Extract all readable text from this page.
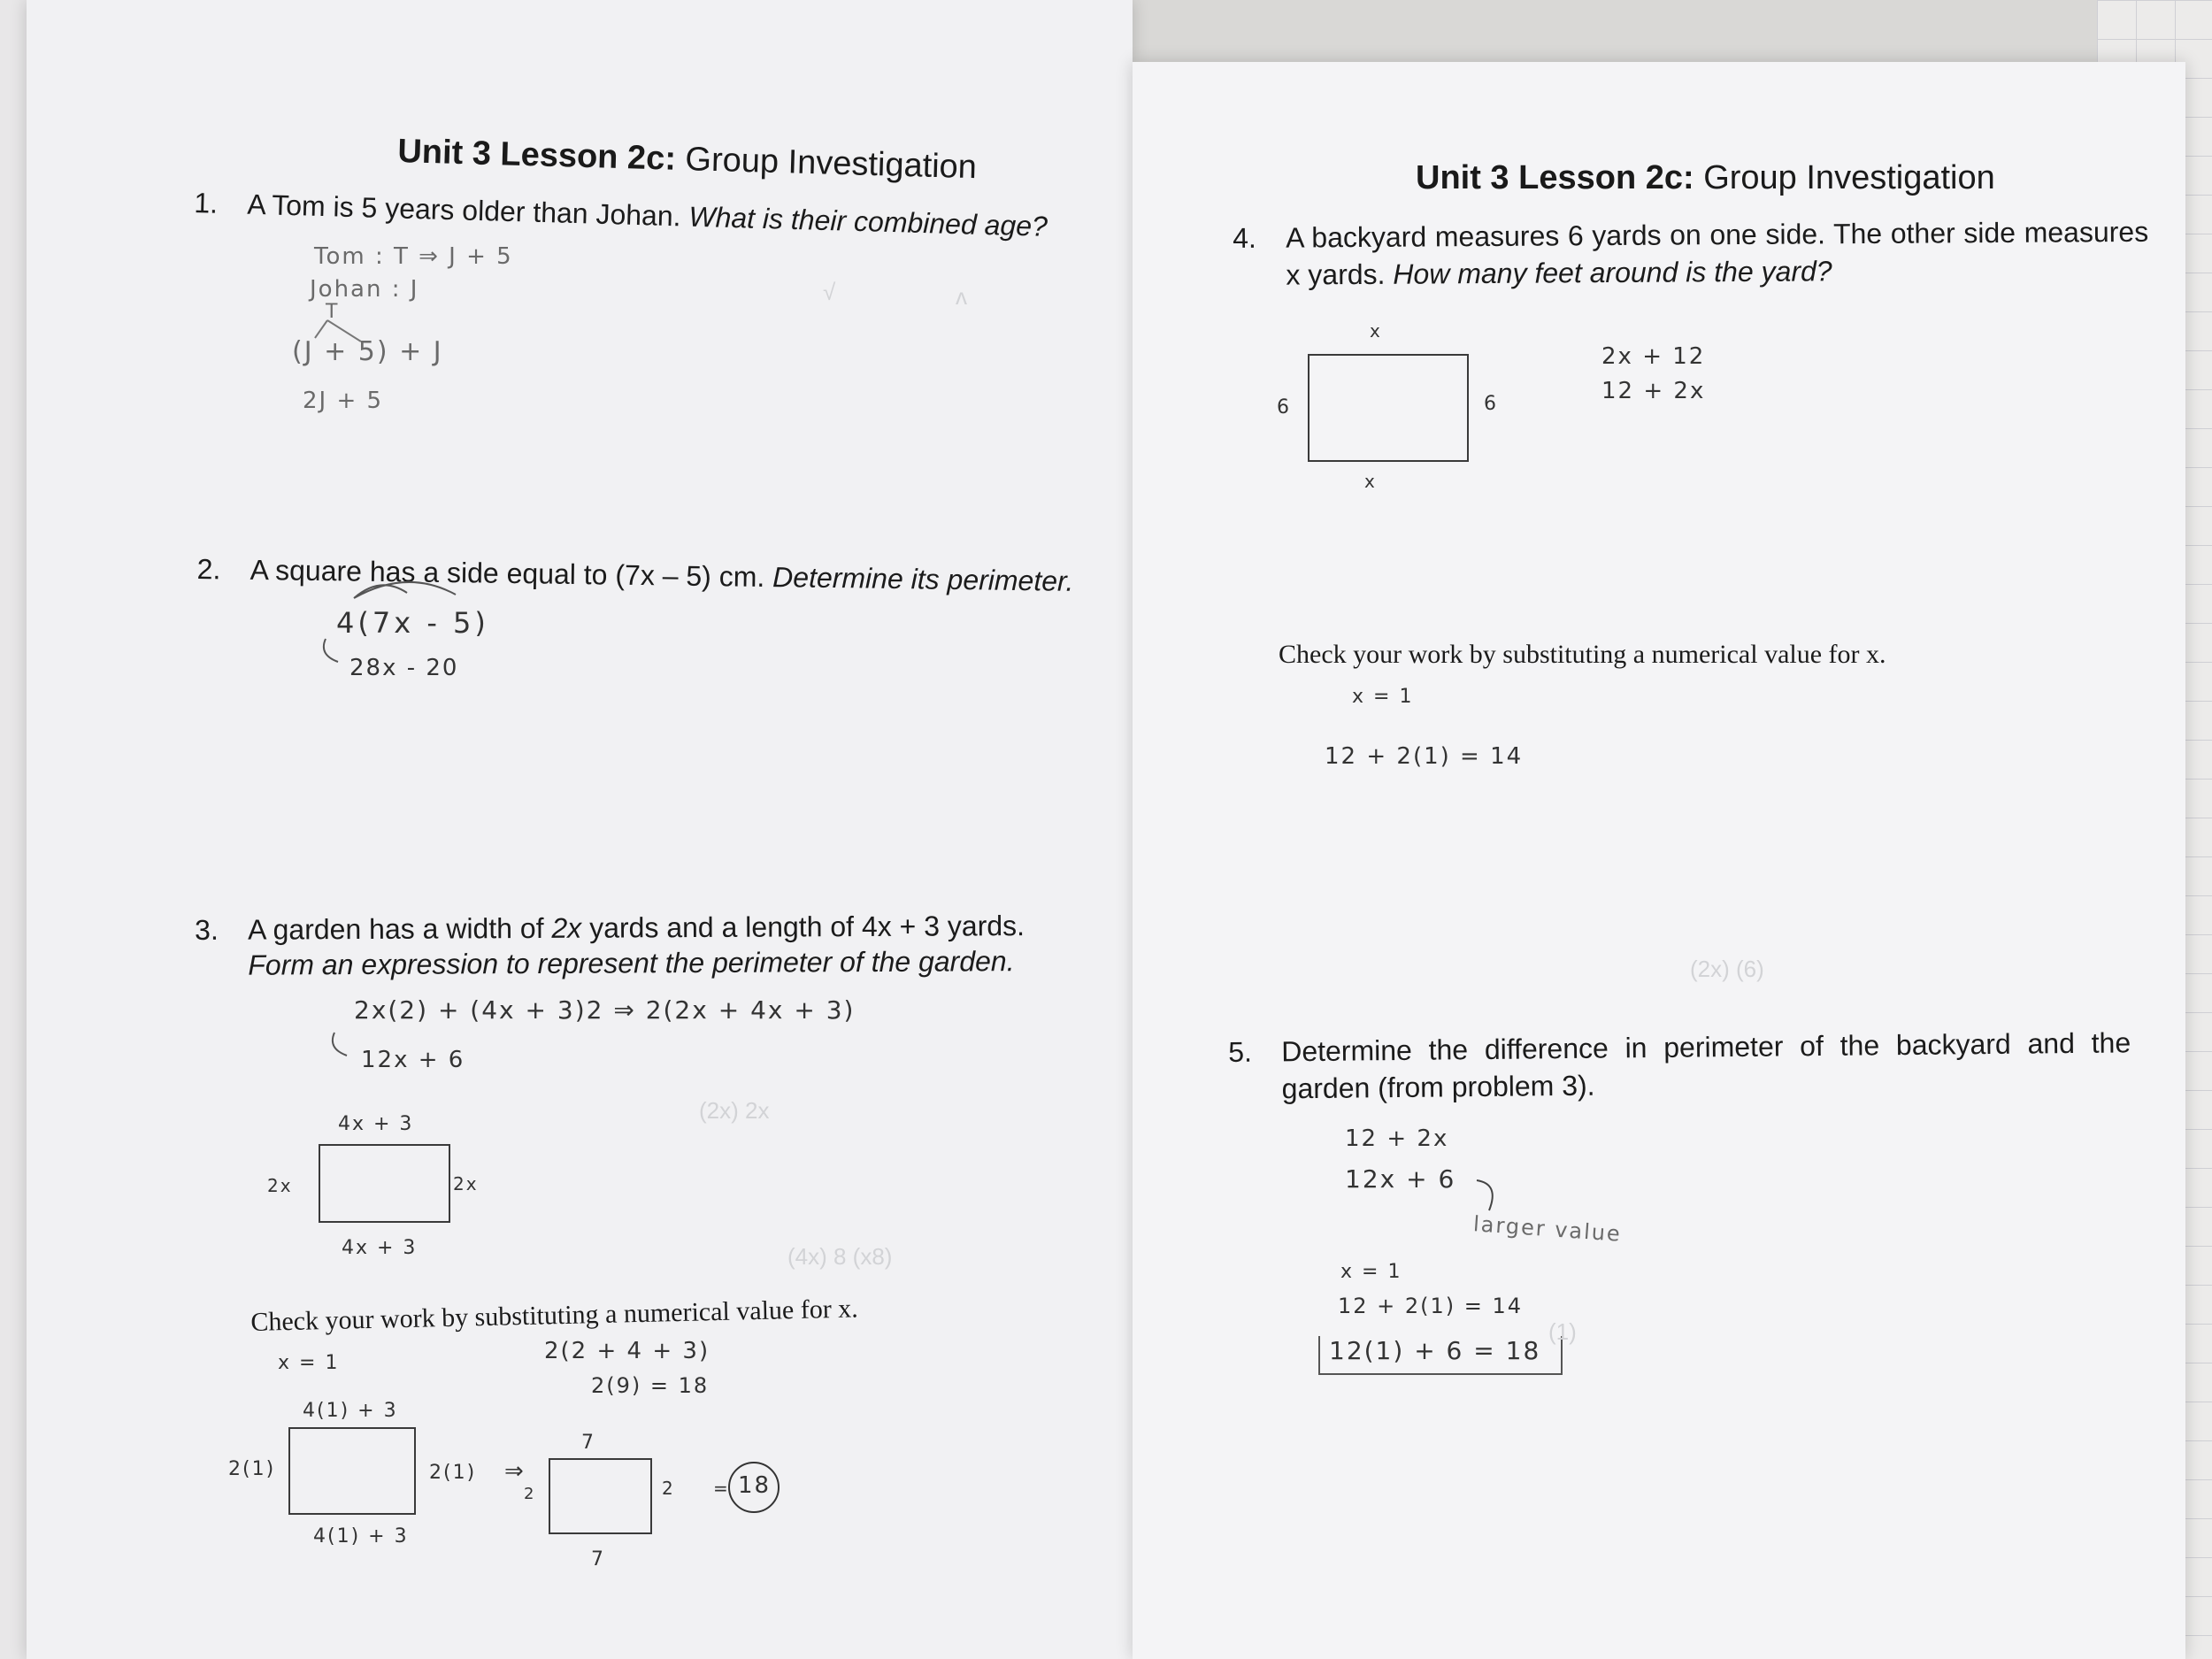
Unit 3 Lesson 2c: Group Investigation
1. A Tom is 5 years older than Johan. What is their combined age?
Tom : T ⇒ J + 5
Johan : J
T
(J + 5) + J
2J + 5
√	ʌ
2. A square has a side equal to (7x – 5) cm. Determine its perimeter.
4(7x - 5)
28x - 20
3. A garden has a width of 2x yards and a length of 4x + 3 yards.
Form an expression to represent the perimeter of the garden.
2x(2) + (4x + 3)2 ⇒ 2(2x + 4x + 3)
12x + 6
4x + 3
2x	2x
4x + 3
(2x) 2x
(4x) 8 (x8)
Check your work by substituting a numerical value for x.
x = 1	2(2 + 4 + 3)
2(9) = 18
4(1) + 3
2(1)	2(1)
4(1) + 3
⇒
7
2	2
7
= 18
Unit 3 Lesson 2c: Group Investigation
4. A backyard measures 6 yards on one side. The other side measures x yards. How many feet around is the yard?
x
6	6
x
2x + 12
12 + 2x
Check your work by substituting a numerical value for x.
x = 1
12 + 2(1) = 14
5. Determine the difference in perimeter of the backyard and the garden (from problem 3).
12 + 2x
12x + 6
larger value
x = 1
12 + 2(1) = 14
12(1) + 6 = 18
(2x) (6)
(1)
